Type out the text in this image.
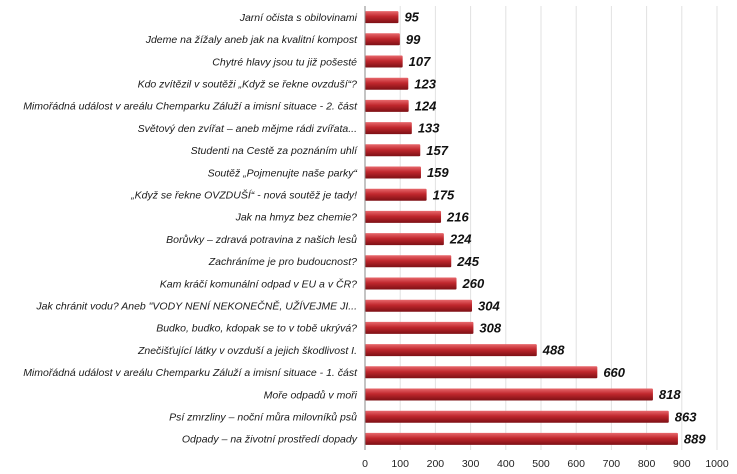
Jarní očista s obilovinami
Jdeme na žížaly aneb jak na kvalitní kompost
Chytré hlavy jsou tu již pošesté
Kdo zvítězil v soutěži „Když se řekne ovzduší“?
Mimořádná událost v areálu Chemparku Záluží a imisní situace - 2. část
Světový den zvířat – aneb mějme rádi zvířata...
Studenti na Cestě za poznáním uhlí
Soutěž „Pojmenujte naše parky“
„Když se řekne OVZDUŠÍ“ - nová soutěž je tady!
Jak na hmyz bez chemie?
Borůvky – zdravá potravina z našich lesů
Zachráníme je pro budoucnost?
Kam kráčí komunální odpad v EU a v ČR?
Jak chránit vodu? Aneb "VODY NENÍ NEKONEČNĚ, UŽÍVEJME JI...
Budko, budko, kdopak se to v tobě ukrývá?
Znečišťující látky v ovzduší a jejich škodlivost I.
Mimořádná událost v areálu Chemparku Záluží a imisní situace - 1. část
Moře odpadů v moři
Psí zmrzliny – noční můra milovníků psů
Odpady – na životní prostředí dopady
95
99
107
123
124
133
157
159
175
216
224
245
260
304
308
488
660
818
863
889
0 100 200 300 400 500 600 700 800 900 1000
